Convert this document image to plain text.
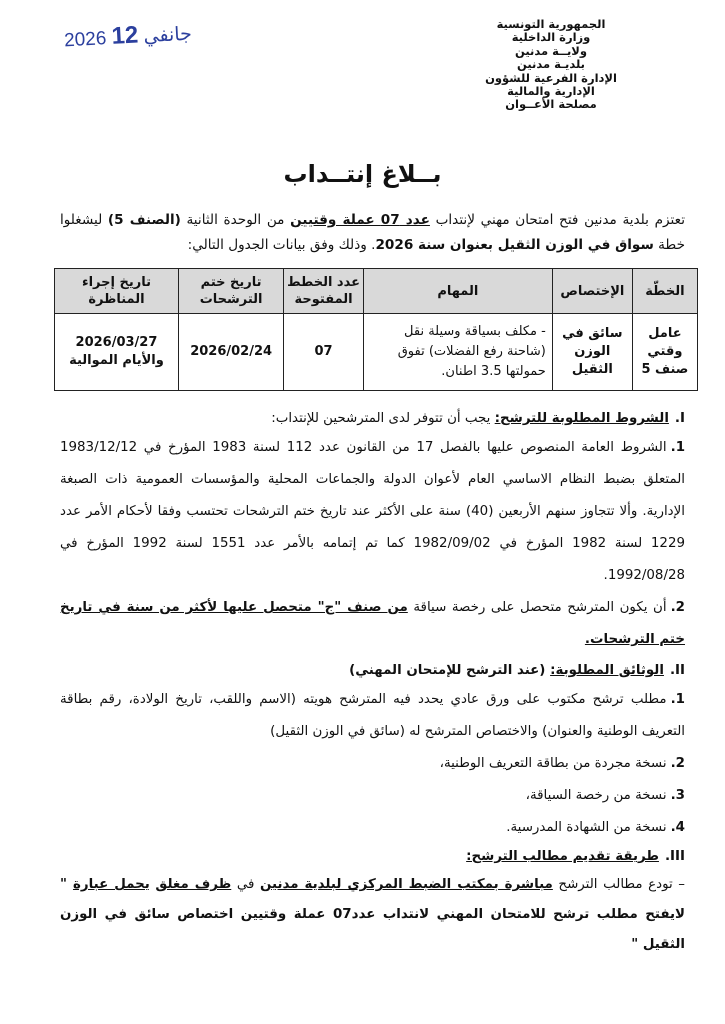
2026 جانفي 12	الجمهورية التونسية
وزارة الداخلية
ولايــة مدنين
بلديـة مدنين
الإدارة الفرعية للشؤون
الإدارية والمالية
مصلحة الأعــوان
بــلاغ إنتــداب
تعتزم بلدية مدنين فتح امتحان مهني لإنتداب عدد 07 عملة وقتيين من الوحدة الثانية (الصنف 5) ليشغلوا خطة سواق في الوزن الثقيل بعنوان سنة 2026. وذلك وفق بيانات الجدول التالي:
الخطّة	الإختصاص	المهام	عدد الخطط المفتوحة	تاريخ ختم الترشحات	تاريخ إجراء المناظرة
عامل وقتي صنف 5	سائق في الوزن الثقيل	- مكلف بسياقة وسيلة نقل (شاحنة رفع الفضلات) تفوق حمولتها 3.5 اطنان.	07	2026/02/24	2026/03/27
والأيام الموالية

I.الشروط المطلوبة للترشح: يجب أن تتوفر لدى المترشحين للإنتداب:

1.الشروط العامة المنصوص عليها بالفصل 17 من القانون عدد 112 لسنة 1983 المؤرخ في 1983/12/12 المتعلق بضبط النظام الاساسي العام لأعوان الدولة والجماعات المحلية والمؤسسات العمومية ذات الصبغة الإدارية. وألا تتجاوز سنهم الأربعين (40) سنة على الأكثر عند تاريخ ختم الترشحات تحتسب وفقا لأحكام الأمر عدد 1229 لسنة 1982 المؤرخ في 1982/09/02 كما تم إتمامه بالأمر عدد 1551 لسنة 1992 المؤرخ في 1992/08/28.

2.أن يكون المترشح متحصل على رخصة سياقة من صنف "ج" متحصل عليها لأكثر من سنة في تاريخ ختم الترشحات.

II.الوثائق المطلوبة: (عند الترشح للإمتحان المهني)

1.مطلب ترشح مكتوب على ورق عادي يحدد فيه المترشح هويته (الاسم واللقب، تاريخ الولادة، رقم بطاقة التعريف الوطنية والعنوان) والاختصاص المترشح له (سائق في الوزن الثقيل)

2.نسخة مجردة من بطاقة التعريف الوطنية،

3.نسخة من رخصة السياقة،

4.نسخة من الشهادة المدرسية.

III.طريقة تقديم مطالب الترشح:

– تودع مطالب الترشح مباشرة بمكتب الضبط المركزي لبلدية مدنين في ظرف مغلق يحمل عبارة " لايفتح مطلب ترشح للامتحان المهني لانتداب عدد07 عملة وقتيين اختصاص سائق في الوزن الثقيل "
